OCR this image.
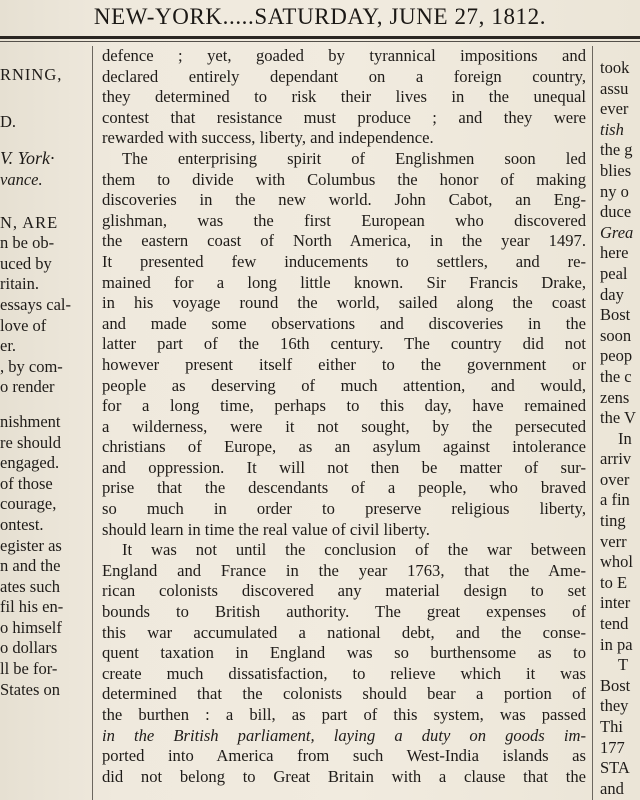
NEW-YORK.....SATURDAY, JUNE 27, 1812.
RNING,
D.
V. York·
vance.
N, ARE
n be ob-
uced by
ritain.
essays cal-
love of
er.
, by com-
o render
nishment
re should
engaged.
of those
courage,
ontest.
egister as
n and the
ates such
fil his en-
o himself
o dollars
ll be for-
States on
defence ; yet, goaded by tyrannical impositions and
declared entirely dependant on a foreign country,
they determined to risk their lives in the unequal
contest that resistance must produce ; and they were
rewarded with success, liberty, and independence.
The enterprising spirit of Englishmen soon led
them to divide with Columbus the honor of making
discoveries in the new world. John Cabot, an Eng-
glishman, was the first European who discovered
the eastern coast of North America, in the year 1497.
It presented few inducements to settlers, and re-
mained for a long little known. Sir Francis Drake,
in his voyage round the world, sailed along the coast
and made some observations and discoveries in the
latter part of the 16th century. The country did not
however present itself either to the government or
people as deserving of much attention, and would,
for a long time, perhaps to this day, have remained
a wilderness, were it not sought, by the persecuted
christians of Europe, as an asylum against intolerance
and oppression. It will not then be matter of sur-
prise that the descendants of a people, who braved
so much in order to preserve religious liberty,
should learn in time the real value of civil liberty.
It was not until the conclusion of the war between
England and France in the year 1763, that the Ame-
rican colonists discovered any material design to set
bounds to British authority. The great expenses of
this war accumulated a national debt, and the conse-
quent taxation in England was so burthensome as to
create much dissatisfaction, to relieve which it was
determined that the colonists should bear a portion of
the burthen : a bill, as part of this system, was passed
in the British parliament, laying a duty on goods im-
ported into America from such West-India islands as
did not belong to Great Britain with a clause that the
took
assu
ever
tish
the g
blies
ny o
duce
Grea
here
peal
day
Bost
soon
peop
the c
zens
the V
In
arriv
over
a fin
ting
verr
whol
to E
inter
tend
in pa
T
Bost
they
Thi
177
STA
and
